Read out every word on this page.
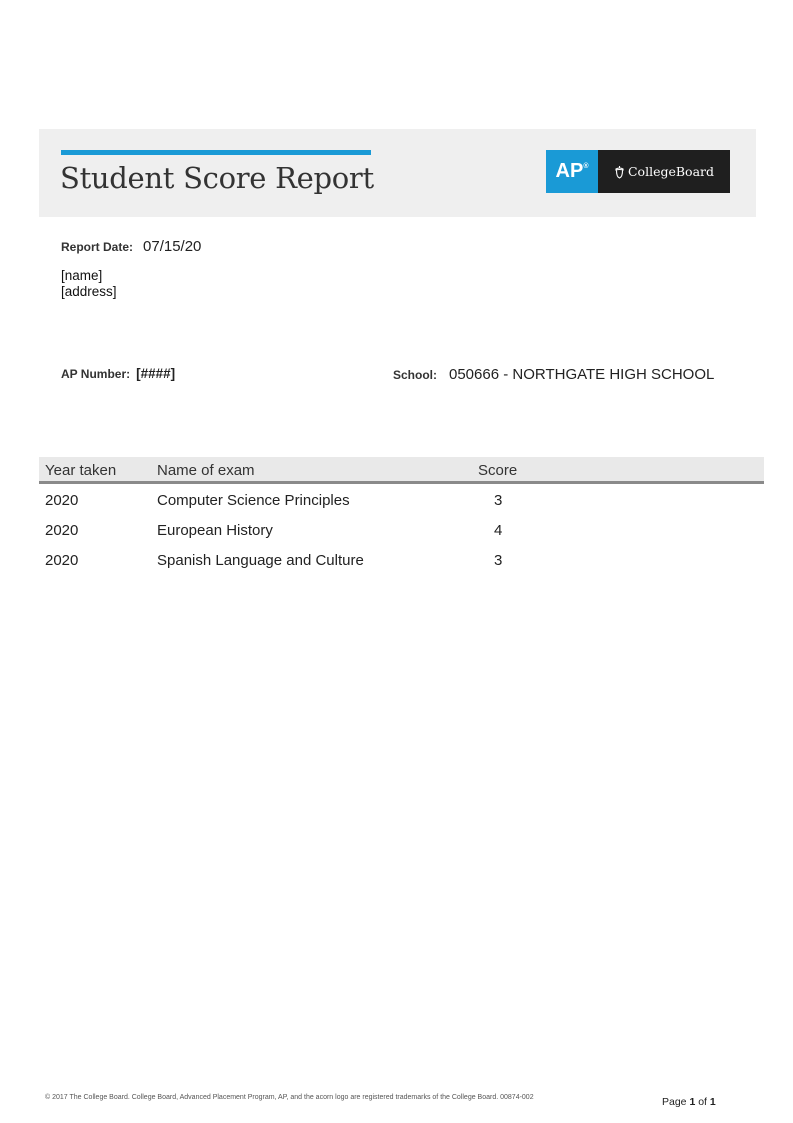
Student Score Report	AP®	CollegeBoard
Report Date: 07/15/20
[name]
[address]
AP Number: [####]	School: 050666 - NORTHGATE HIGH SCHOOL
Year taken	Name of exam	Score
2020	Computer Science Principles	3
2020	European History	4
2020	Spanish Language and Culture	3
© 2017 The College Board. College Board, Advanced Placement Program, AP, and the acorn logo are registered trademarks of the College Board. 00874-002	Page 1 of 1
